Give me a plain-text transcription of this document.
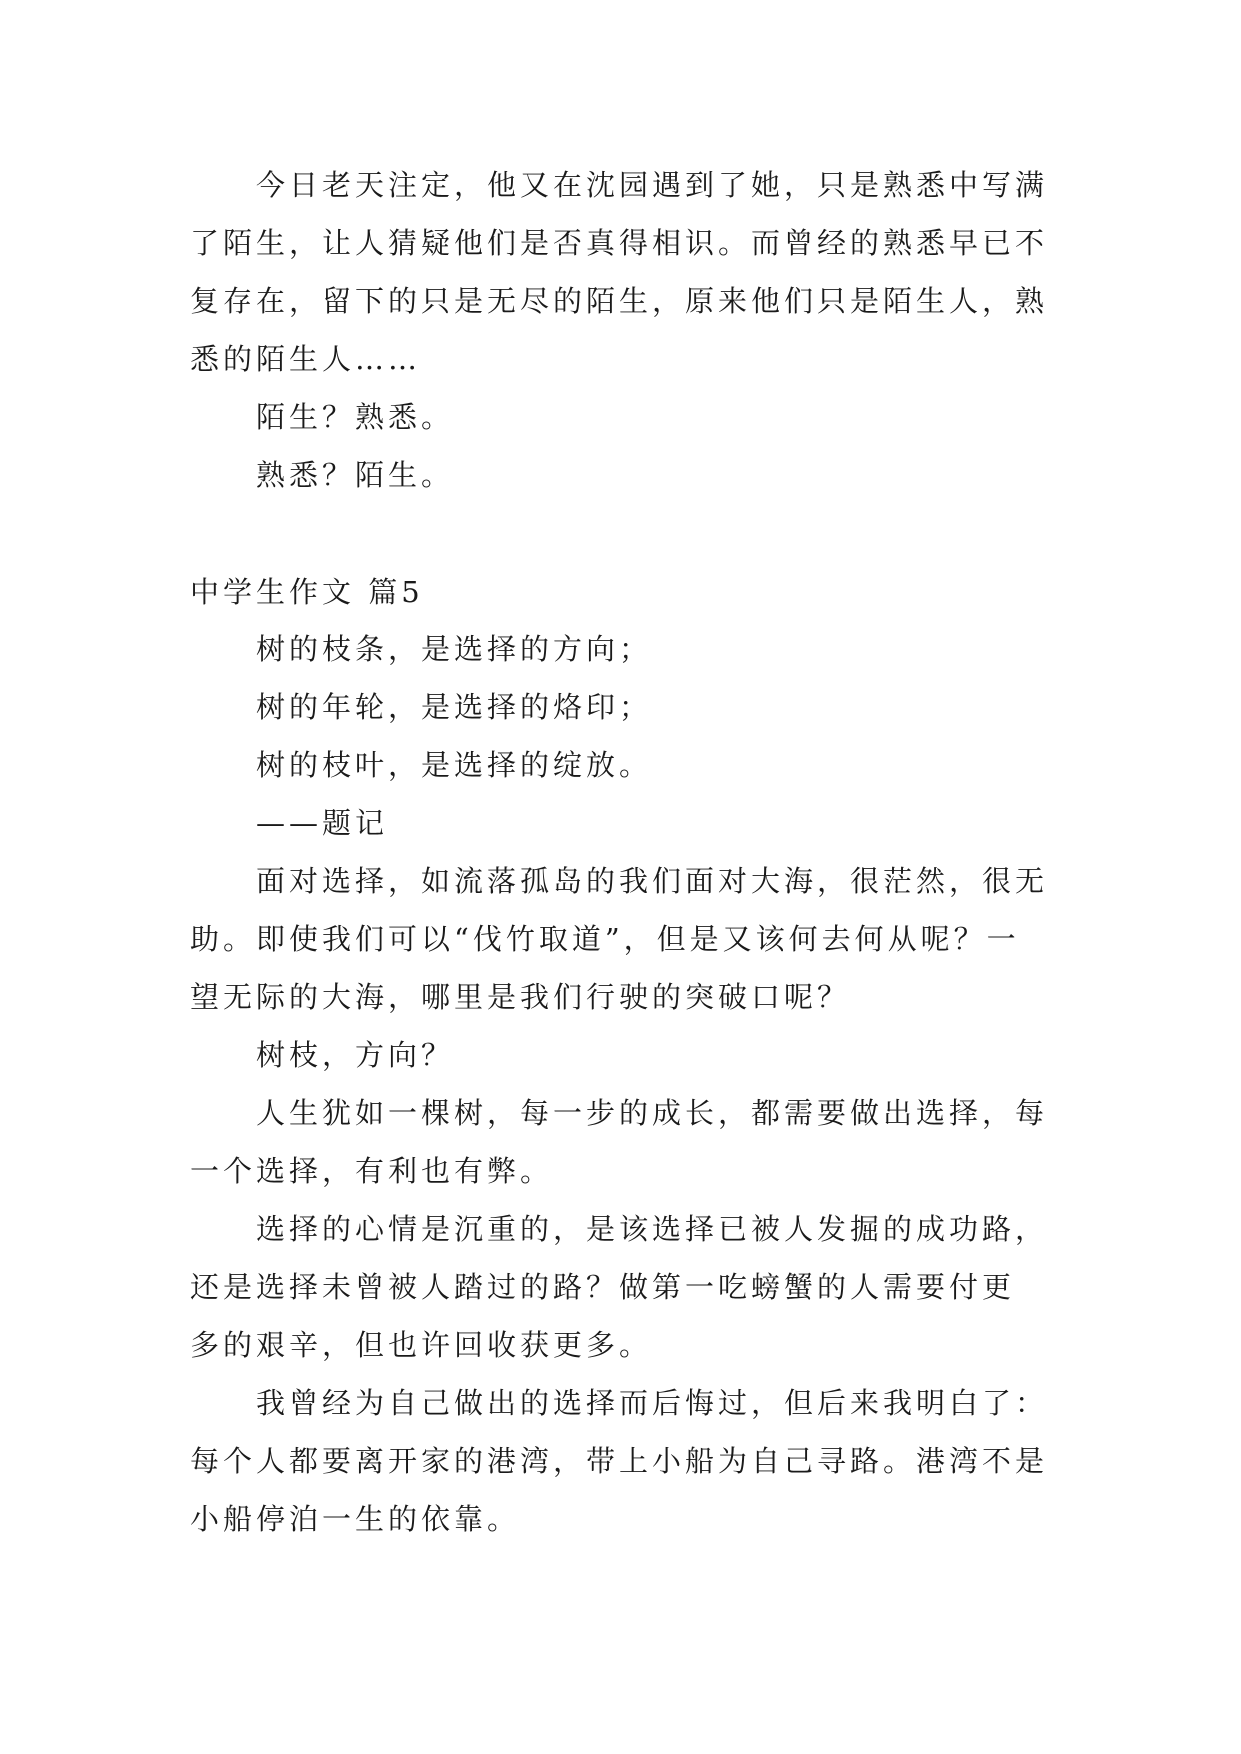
今日老天注定，他又在沈园遇到了她，只是熟悉中写满
了陌生，让人猜疑他们是否真得相识。而曾经的熟悉早已不
复存在，留下的只是无尽的陌生，原来他们只是陌生人，熟
悉的陌生人……
陌生？熟悉。
熟悉？陌生。
中学生作文 篇5
树的枝条，是选择的方向；
树的年轮，是选择的烙印；
树的枝叶，是选择的绽放。
——题记
面对选择，如流落孤岛的我们面对大海，很茫然，很无
助。即使我们可以“伐竹取道”，但是又该何去何从呢？一
望无际的大海，哪里是我们行驶的突破口呢？
树枝，方向？
人生犹如一棵树，每一步的成长，都需要做出选择，每
一个选择，有利也有弊。
选择的心情是沉重的，是该选择已被人发掘的成功路，
还是选择未曾被人踏过的路？做第一吃螃蟹的人需要付更
多的艰辛，但也许回收获更多。
我曾经为自己做出的选择而后悔过，但后来我明白了：
每个人都要离开家的港湾，带上小船为自己寻路。港湾不是
小船停泊一生的依靠。
